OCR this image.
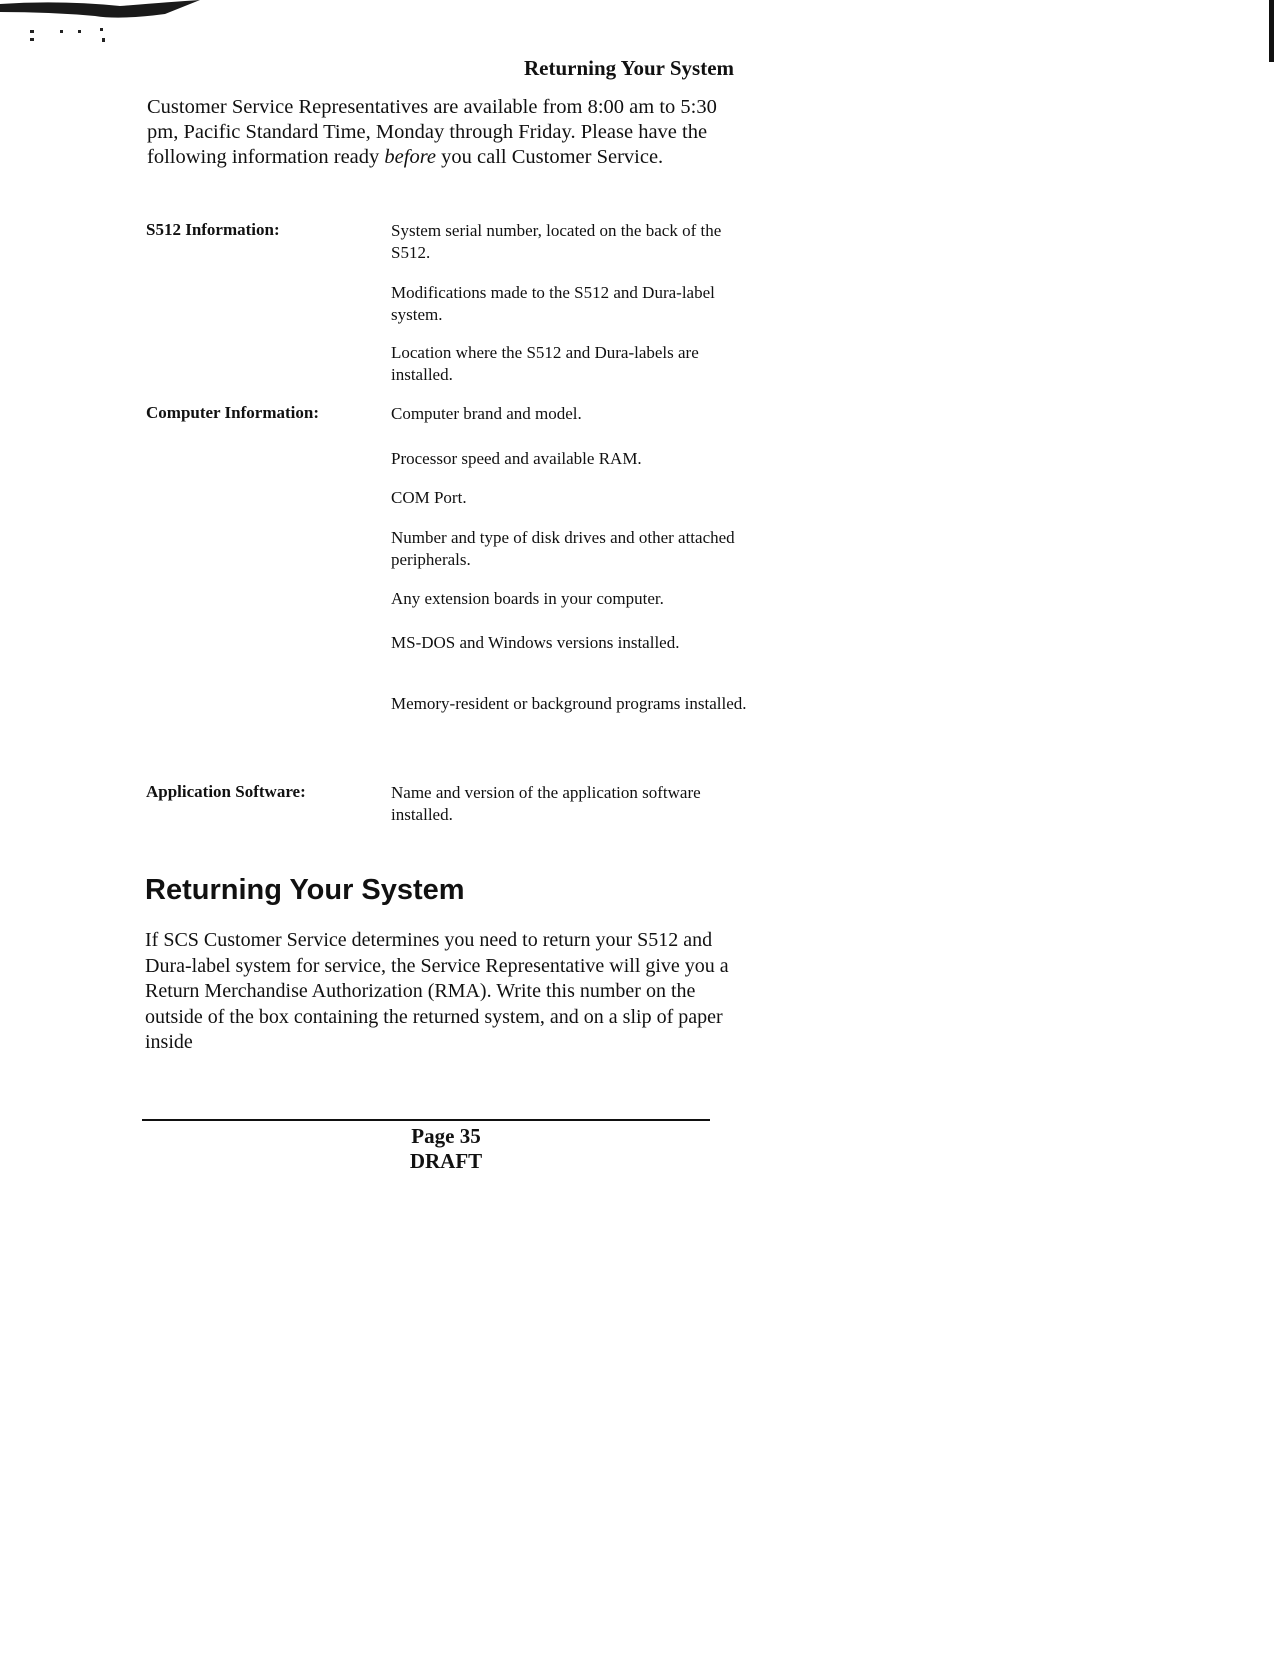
Returning Your System

Customer Service Representatives are available from 8:00 am to 5:30 pm, Pacific Standard Time, Monday through Friday. Please have the following information ready before you call Customer Service.

S512 Information:	System serial number, located on the back of the S512.
Modifications made to the S512 and Dura-label system.
Location where the S512 and Dura-labels are installed.
Computer Information:	Computer brand and model.
Processor speed and available RAM.
COM Port.
Number and type of disk drives and other attached peripherals.
Any extension boards in your computer.
MS-DOS and Windows versions installed.
Memory-resident or background programs installed.
Application Software:	Name and version of the application software installed.
Returning Your System

If SCS Customer Service determines you need to return your S512 and Dura-label system for service, the Service Representative will give you a Return Merchandise Authorization (RMA). Write this number on the outside of the box containing the returned system, and on a slip of paper inside

Page 35
DRAFT
